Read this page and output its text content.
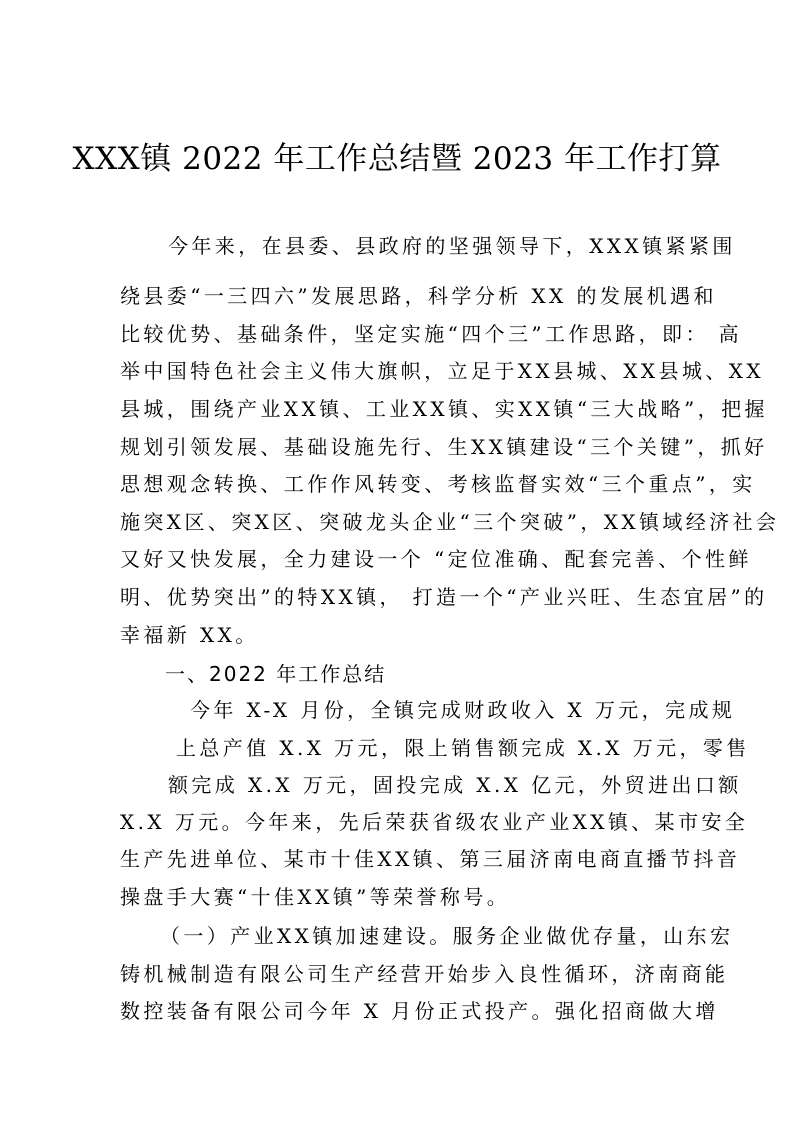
XXX镇 2022 年工作总结暨 2023 年工作打算
今年来，在县委、县政府的坚强领导下，XXX镇紧紧围
绕县委“一三四六”发展思路，科学分析 XX 的发展机遇和
比较优势、基础条件，坚定实施“四个三”工作思路，即： 高
举中国特色社会主义伟大旗帜，立足于XX县城、XX县城、XX
县城，围绕产业XX镇、工业XX镇、实XX镇“三大战略”，把握
规划引领发展、基础设施先行、生XX镇建设“三个关键”，抓好
思想观念转换、工作作风转变、考核监督实效“三个重点”，实
施突X区、突X区、突破龙头企业“三个突破”，XX镇域经济社会
又好又快发展，全力建设一个 “定位准确、配套完善、个性鲜
明、优势突出”的特XX镇， 打造一个“产业兴旺、生态宜居”的
幸福新 XX。
一、2022 年工作总结
今年 X-X 月份，全镇完成财政收入 X 万元，完成规
上总产值 X.X 万元，限上销售额完成 X.X 万元，零售
额完成 X.X 万元，固投完成 X.X 亿元，外贸进出口额
X.X 万元。今年来，先后荣获省级农业产业XX镇、某市安全
生产先进单位、某市十佳XX镇、第三届济南电商直播节抖音
操盘手大赛“十佳XX镇”等荣誉称号。
（一）产业XX镇加速建设。服务企业做优存量，山东宏
铸机械制造有限公司生产经营开始步入良性循环，济南商能
数控装备有限公司今年 X 月份正式投产。强化招商做大增
